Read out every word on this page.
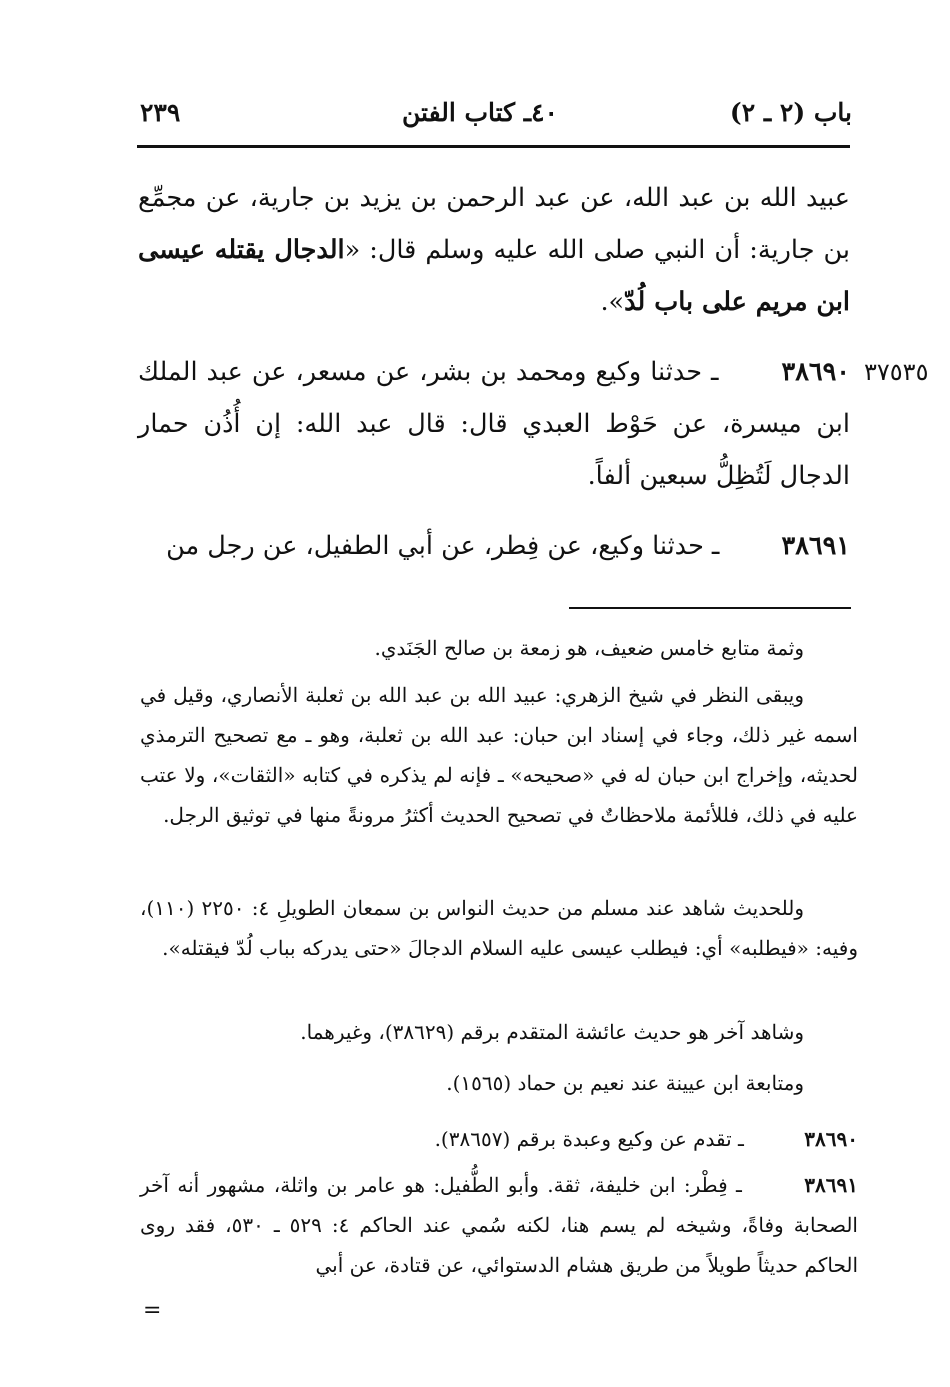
باب (٢ ـ ٢)
٤٠ـ كتاب الفتن
٢٣٩
عبيد الله بن عبد الله، عن عبد الرحمن بن يزيد بن جارية، عن مجمِّع بن جارية: أن النبي صلى الله عليه وسلم قال: «الدجال يقتله عيسى ابن مريم على باب لُدّ».
٣٧٥٣٥
٣٨٦٩٠ ـ حدثنا وكيع ومحمد بن بشر، عن مسعر، عن عبد الملك ابن ميسرة، عن حَوْط العبدي قال: قال عبد الله: إن أُذُن حمار الدجال لَتُظِلُّ سبعين ألفاً.
٣٨٦٩١ ـ حدثنا وكيع، عن فِطر، عن أبي الطفيل، عن رجل من
وثمة متابع خامس ضعيف، هو زمعة بن صالح الجَنَدي.
ويبقى النظر في شيخ الزهري: عبيد الله بن عبد الله بن ثعلبة الأنصاري، وقيل في اسمه غير ذلك، وجاء في إسناد ابن حبان: عبد الله بن ثعلبة، وهو ـ مع تصحيح الترمذي لحديثه، وإخراج ابن حبان له في «صحيحه» ـ فإنه لم يذكره في كتابه «الثقات»، ولا عتب عليه في ذلك، فللأئمة ملاحظاتٌ في تصحيح الحديث أكثرُ مرونةً منها في توثيق الرجل.
وللحديث شاهد عند مسلم من حديث النواس بن سمعان الطويلِ ٤: ٢٢٥٠ (١١٠)، وفيه: «فيطلبه» أي: فيطلب عيسى عليه السلام الدجالَ «حتى يدركه بباب لُدّ فيقتله».
وشاهد آخر هو حديث عائشة المتقدم برقم (٣٨٦٢٩)، وغيرهما.
ومتابعة ابن عيينة عند نعيم بن حماد (١٥٦٥).
٣٨٦٩٠ ـ تقدم عن وكيع وعبدة برقم (٣٨٦٥٧).
٣٨٦٩١ ـ فِطْر: ابن خليفة، ثقة. وأبو الطُّفيل: هو عامر بن واثلة، مشهور أنه آخر الصحابة وفاةً، وشيخه لم يسم هنا، لكنه سُمي عند الحاكم ٤: ٥٢٩ ـ ٥٣٠، فقد روى الحاكم حديثاً طويلاً من طريق هشام الدستوائي، عن قتادة، عن أبي
=
